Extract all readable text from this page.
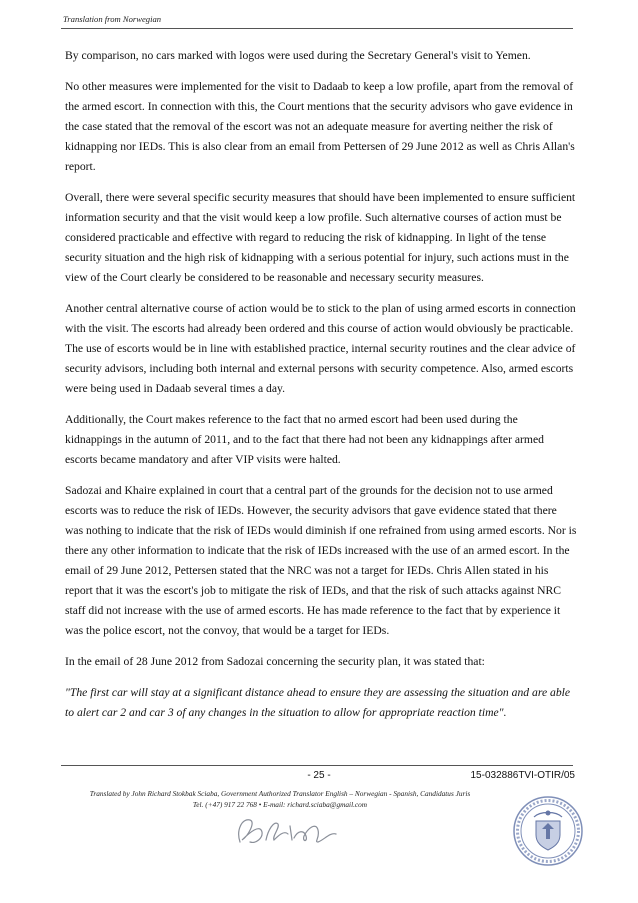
Translation from Norwegian

By comparison, no cars marked with logos were used during the Secretary General's visit to Yemen.

No other measures were implemented for the visit to Dadaab to keep a low profile, apart from the removal of the armed escort. In connection with this, the Court mentions that the security advisors who gave evidence in the case stated that the removal of the escort was not an adequate measure for averting neither the risk of kidnapping nor IEDs. This is also clear from an email from Pettersen of 29 June 2012 as well as Chris Allan's report.

Overall, there were several specific security measures that should have been implemented to ensure sufficient information security and that the visit would keep a low profile. Such alternative courses of action must be considered practicable and effective with regard to reducing the risk of kidnapping. In light of the tense security situation and the high risk of kidnapping with a serious potential for injury, such actions must in the view of the Court clearly be considered to be reasonable and necessary security measures.

Another central alternative course of action would be to stick to the plan of using armed escorts in connection with the visit. The escorts had already been ordered and this course of action would obviously be practicable. The use of escorts would be in line with established practice, internal security routines and the clear advice of security advisors, including both internal and external persons with security competence. Also, armed escorts were being used in Dadaab several times a day.

Additionally, the Court makes reference to the fact that no armed escort had been used during the kidnappings in the autumn of 2011, and to the fact that there had not been any kidnappings after armed escorts became mandatory and after VIP visits were halted.

Sadozai and Khaire explained in court that a central part of the grounds for the decision not to use armed escorts was to reduce the risk of IEDs. However, the security advisors that gave evidence stated that there was nothing to indicate that the risk of IEDs would diminish if one refrained from using armed escorts. Nor is there any other information to indicate that the risk of IEDs increased with the use of an armed escort. In the email of 29 June 2012, Pettersen stated that the NRC was not a target for IEDs. Chris Allen stated in his report that it was the escort's job to mitigate the risk of IEDs, and that the risk of such attacks against NRC staff did not increase with the use of armed escorts. He has made reference to the fact that by experience it was the police escort, not the convoy, that would be a target for IEDs.

In the email of 28 June 2012 from Sadozai concerning the security plan, it was stated that:

"The first car will stay at a significant distance ahead to ensure they are assessing the situation and are able to alert car 2 and car 3 of any changes in the situation to allow for appropriate reaction time".

- 25 -	15-032886TVI-OTIR/05
Translated by John Richard Stokbak Sciaba, Government Authorized Translator English – Norwegian - Spanish, Candidatus Juris
Tel. (+47) 917 22 768 • E-mail: richard.sciaba@gmail.com
